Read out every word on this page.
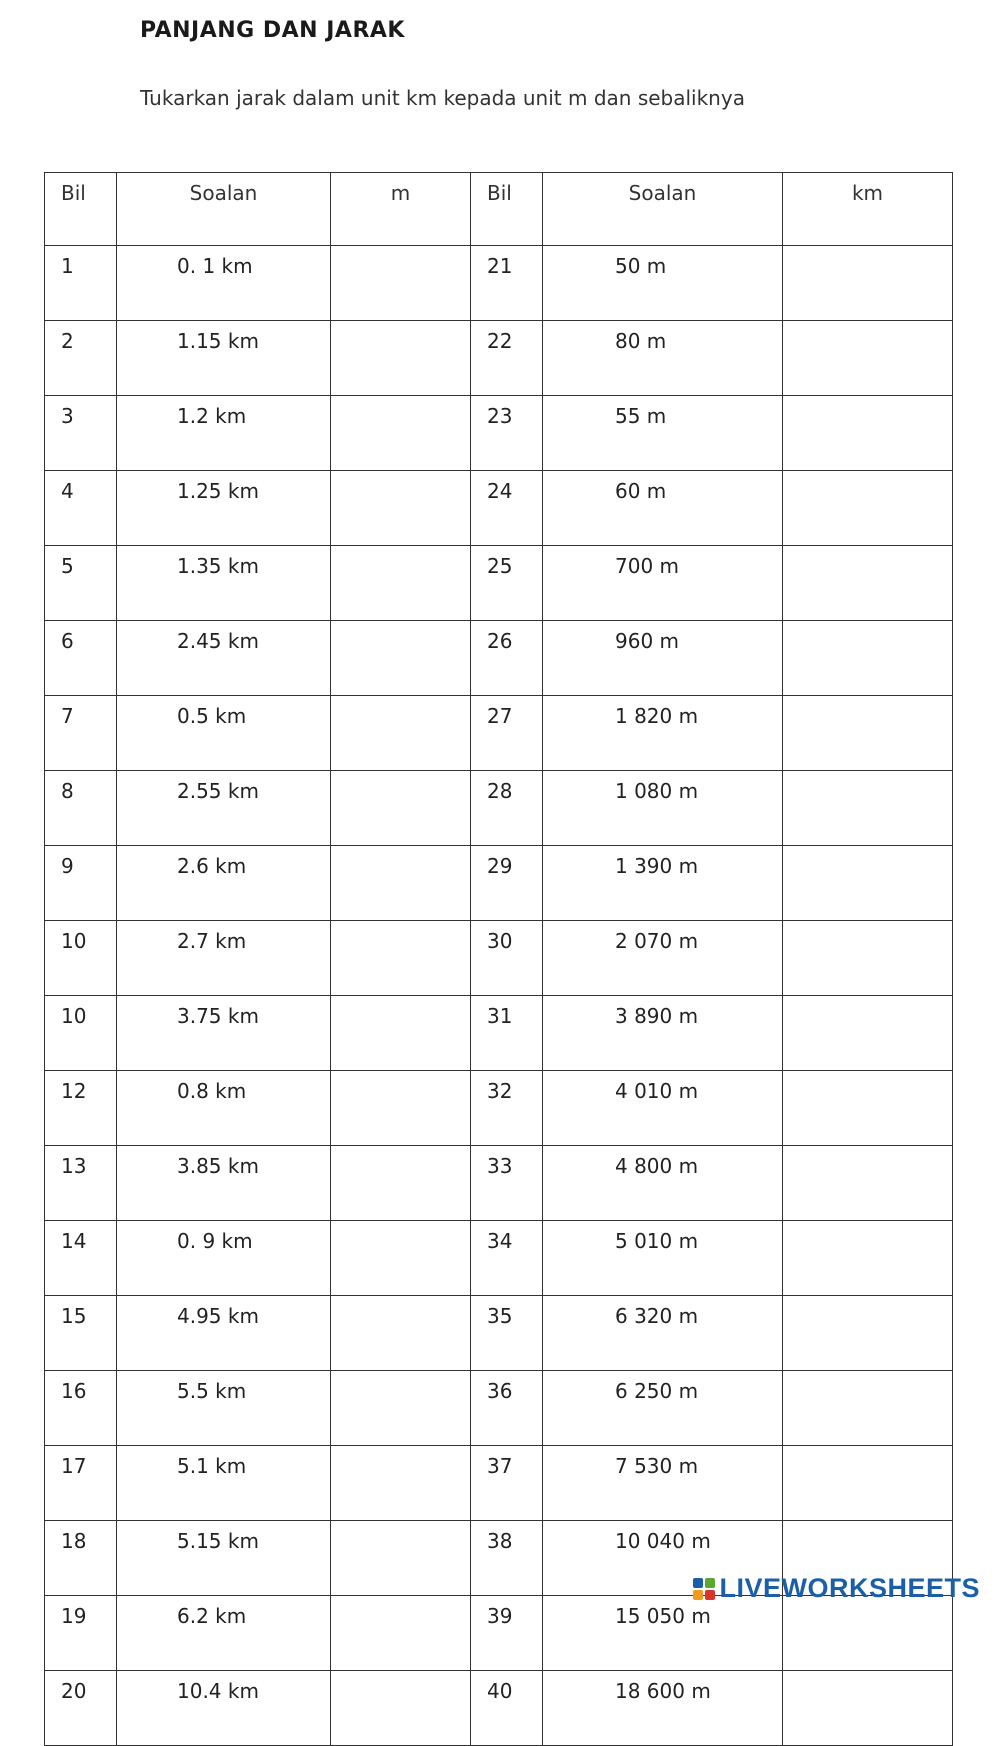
PANJANG DAN JARAK
Tukarkan jarak dalam unit km kepada unit m dan sebaliknya
Bil	Soalan	m	Bil	Soalan	km
1	0. 1 km		21	50 m	
2	1.15 km		22	80 m	
3	1.2 km		23	55 m	
4	1.25 km		24	60 m	
5	1.35 km		25	700 m	
6	2.45 km		26	960 m	
7	0.5 km		27	1 820 m	
8	2.55 km		28	1 080 m	
9	2.6 km		29	1 390 m	
10	2.7 km		30	2 070 m	
10	3.75 km		31	3 890 m	
12	0.8 km		32	4 010 m	
13	3.85 km		33	4 800 m	
14	0. 9 km		34	5 010 m	
15	4.95 km		35	6 320 m	
16	5.5 km		36	6 250 m	
17	5.1 km		37	7 530 m	
18	5.15 km		38	10 040 m	
19	6.2 km		39	15 050 m	
20	10.4 km		40	18 600 m	
LIVEWORKSHEETS
